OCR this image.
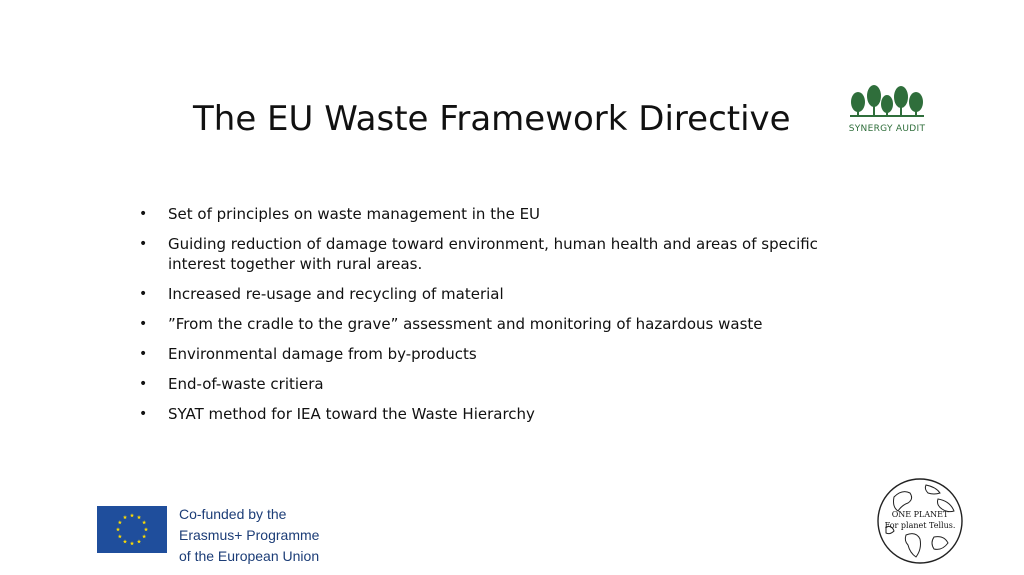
The EU Waste Framework Directive	SYNERGY AUDIT
• Set of principles on waste management in the EU
• Guiding reduction of damage toward environment, human health and areas of specific interest together with rural areas.
• Increased re-usage and recycling of material
• ”From the cradle to the grave” assessment and monitoring of hazardous waste
• Environmental damage from by-products
• End-of-waste critiera
• SYAT method for IEA toward the Waste Hierarchy
Co-funded by the
Erasmus+ Programme
of the European Union
ONE PLANET
For planet Tellus.
